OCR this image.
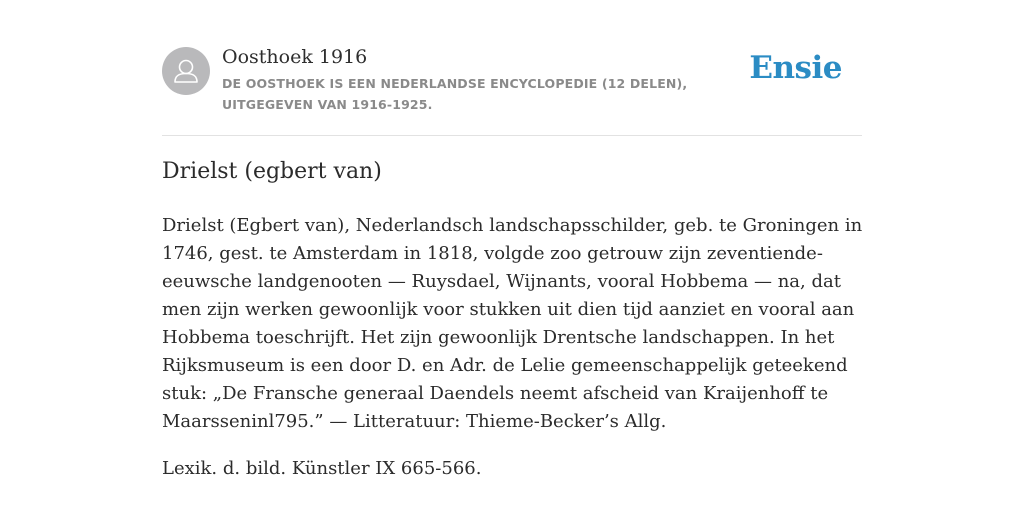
Oosthoek 1916
DE OOSTHOEK IS EEN NEDERLANDSE ENCYCLOPEDIE (12 DELEN), UITGEGEVEN VAN 1916-1925.
Ensie
Drielst (egbert van)

Drielst (Egbert van), Nederlandsch landschapsschilder, geb. te Groningen in 1746, gest. te Amsterdam in 1818, volgde zoo getrouw zijn zeventiende-eeuwsche landgenooten — Ruysdael, Wijnants, vooral Hobbema — na, dat men zijn werken gewoonlijk voor stukken uit dien tijd aanziet en vooral aan Hobbema toeschrijft. Het zijn gewoonlijk Drentsche landschappen. In het Rijksmuseum is een door D. en Adr. de Lelie gemeenschappelijk geteekend stuk: „De Fransche generaal Daendels neemt afscheid van Kraijenhoff te Maarsseninl795.” — Litteratuur: Thieme-Becker’s Allg.

Lexik. d. bild. Künstler IX 665-566.
